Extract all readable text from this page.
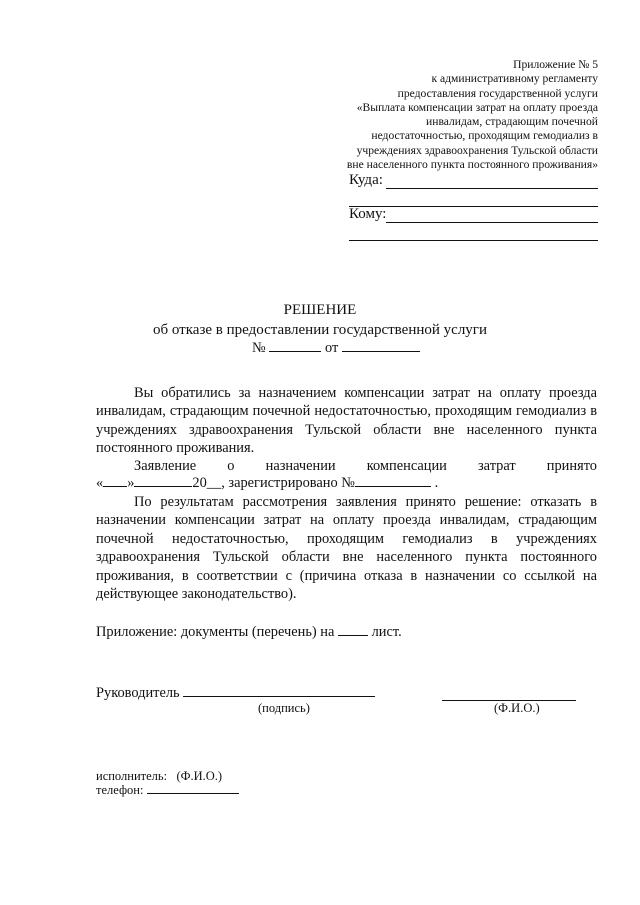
Приложение № 5
к административному регламенту
предоставления государственной услуги
«Выплата компенсации затрат на оплату проезда
инвалидам, страдающим почечной
недостаточностью, проходящим гемодиализ в
учреждениях здравоохранения Тульской области
вне населенного пункта постоянного проживания»
Куда:
Кому:
РЕШЕНИЕ
об отказе в предоставлении государственной услуги
№	от

Вы обратились за назначением компенсации затрат на оплату проезда инвалидам, страдающим почечной недостаточностью, проходящим гемодиализ в учреждениях здравоохранения Тульской области вне населенного пункта постоянного проживания.

Заявление о назначении компенсации затрат принято

« »	20__, зарегистрировано №	.

По результатам рассмотрения заявления принято решение: отказать в назначении компенсации затрат на оплату проезда инвалидам, страдающим почечной недостаточностью, проходящим гемодиализ в учреждениях здравоохранения Тульской области вне населенного пункта постоянного проживания, в соответствии с (причина отказа в назначении со ссылкой на действующее законодательство).

Приложение: документы (перечень) на	лист.
Руководитель
(подпись)	(Ф.И.О.)
исполнитель: (Ф.И.О.)
телефон:
